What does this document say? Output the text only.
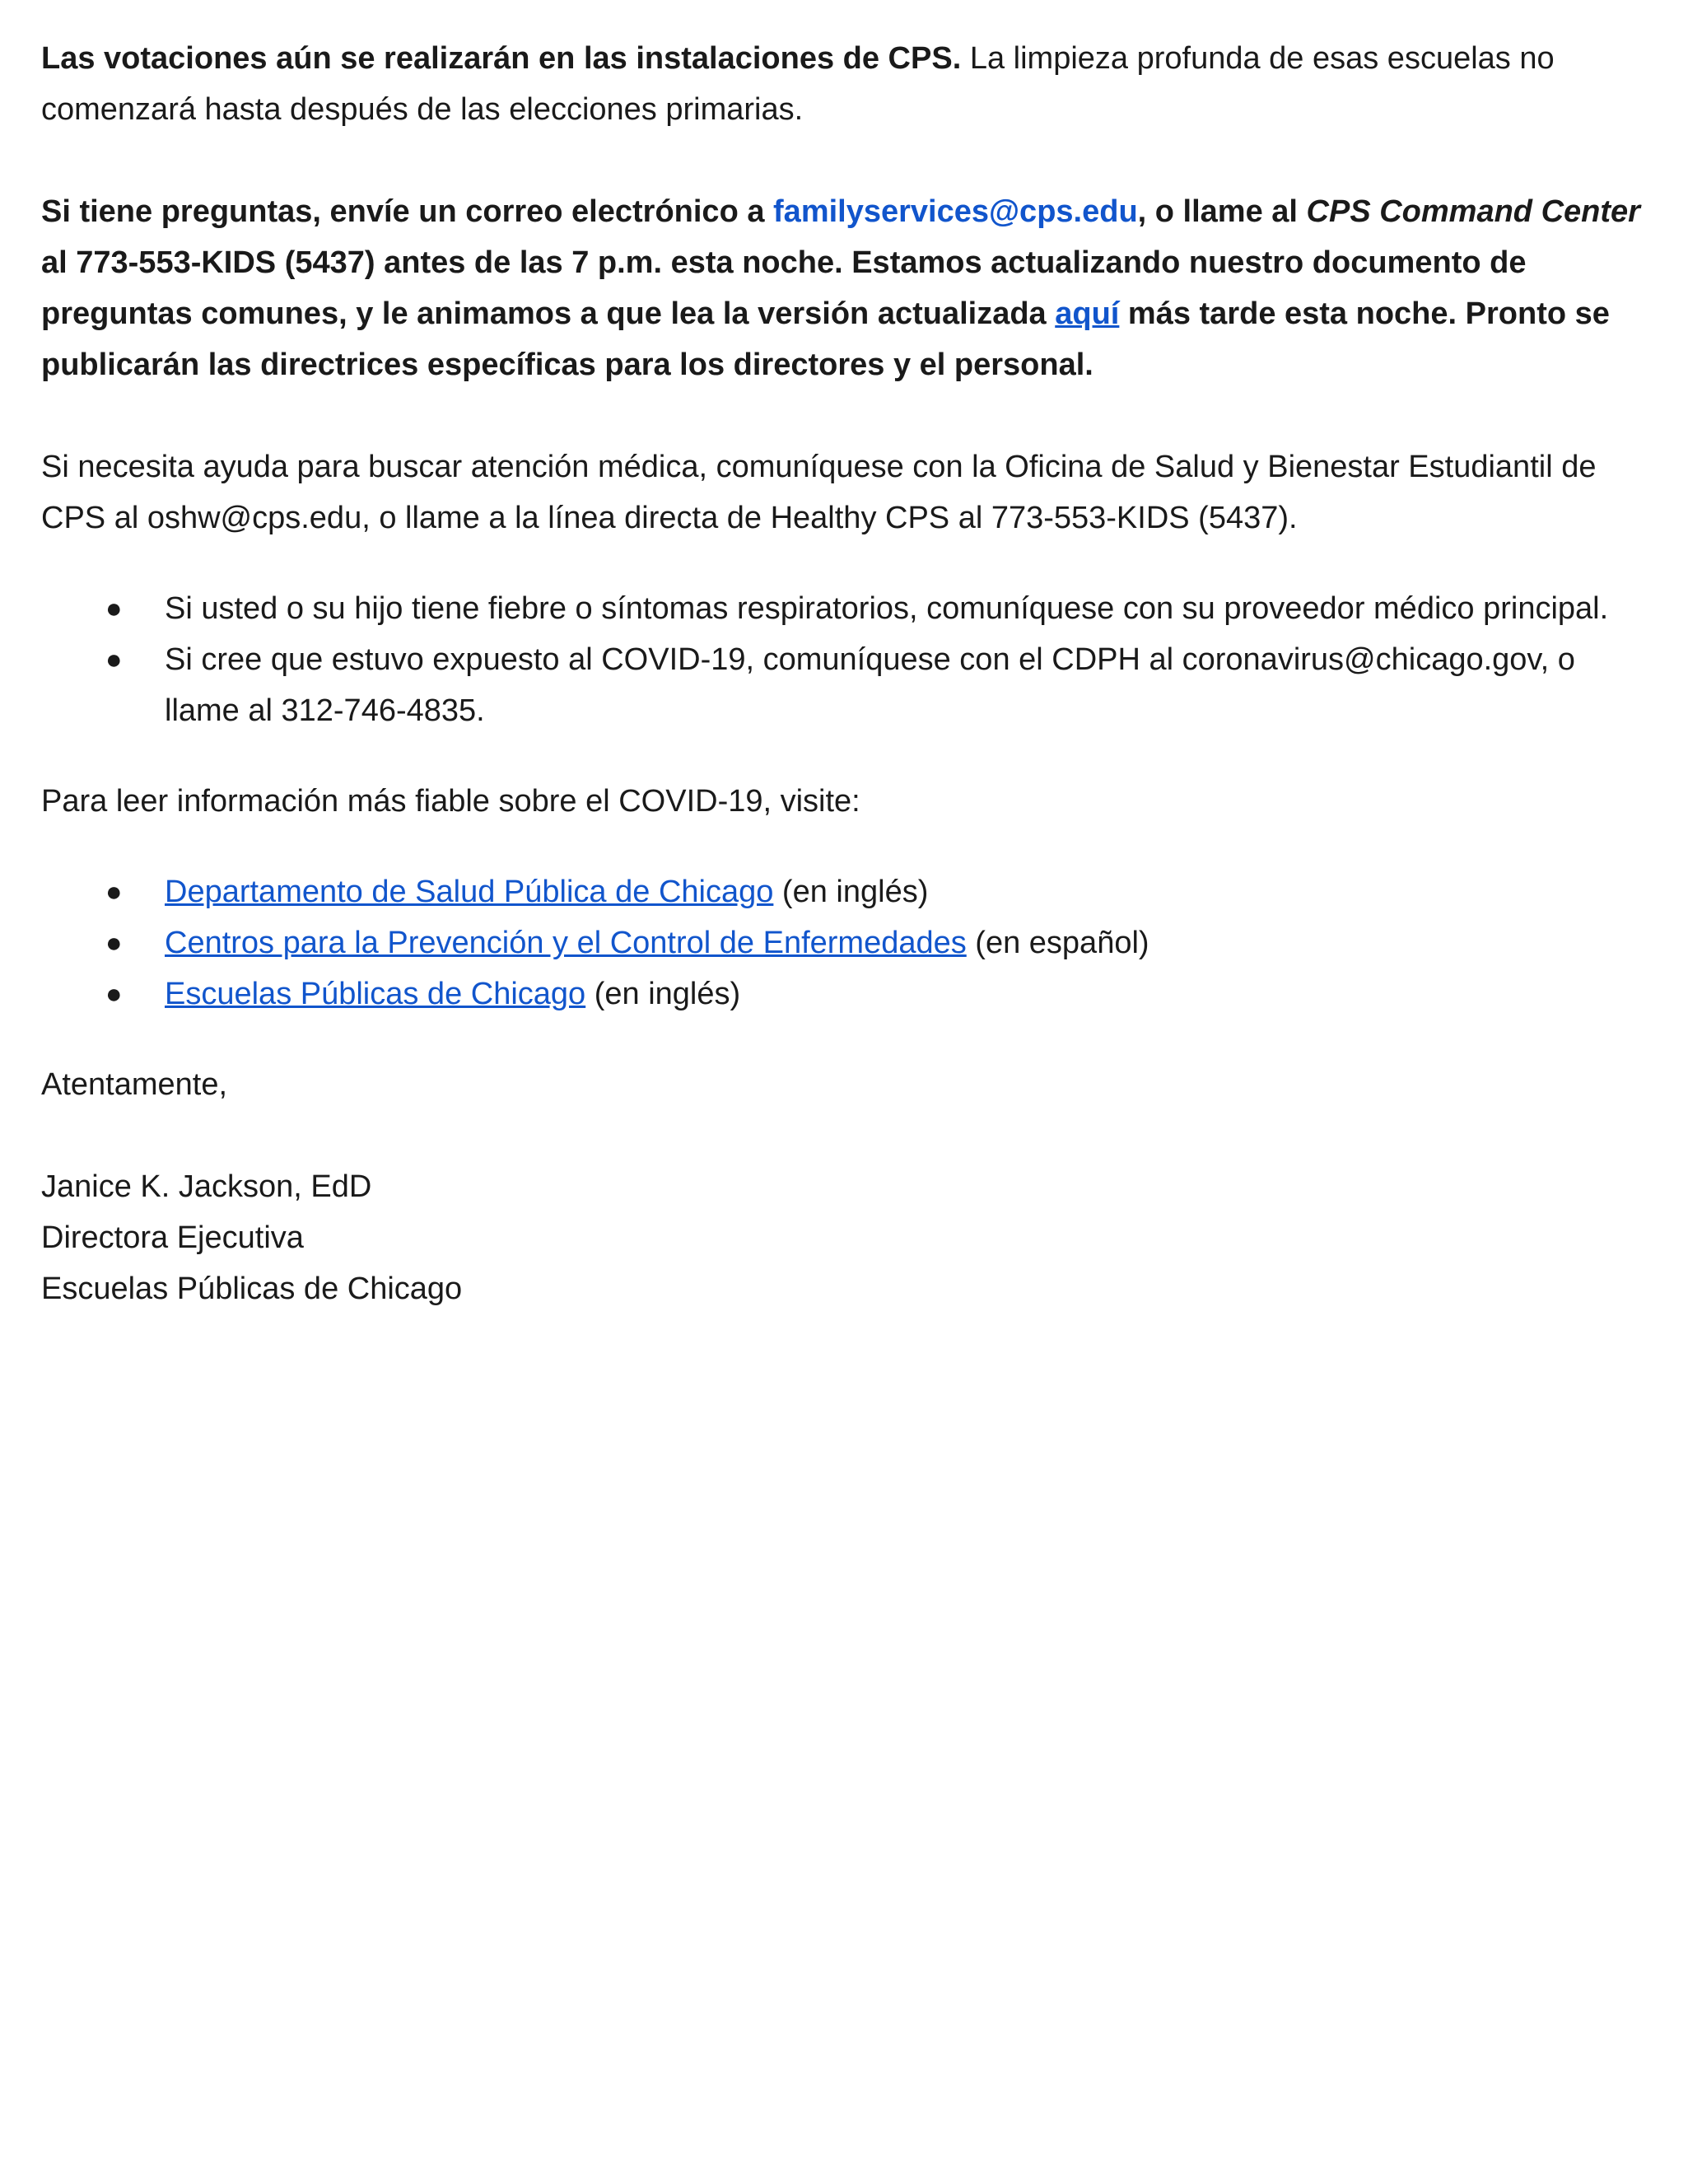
Las votaciones aún se realizarán en las instalaciones de CPS. La limpieza profunda de esas escuelas no comenzará hasta después de las elecciones primarias.

Si tiene preguntas, envíe un correo electrónico a familyservices@cps.edu, o llame al CPS Command Center al 773-553-KIDS (5437) antes de las 7 p.m. esta noche. Estamos actualizando nuestro documento de preguntas comunes, y le animamos a que lea la versión actualizada aquí más tarde esta noche. Pronto se publicarán las directrices específicas para los directores y el personal.

Si necesita ayuda para buscar atención médica, comuníquese con la Oficina de Salud y Bienestar Estudiantil de CPS al oshw@cps.edu, o llame a la línea directa de Healthy CPS al 773-553-KIDS (5437).

● Si usted o su hijo tiene fiebre o síntomas respiratorios, comuníquese con su proveedor médico principal.
● Si cree que estuvo expuesto al COVID-19, comuníquese con el CDPH al coronavirus@chicago.gov, o llame al 312-746-4835.

Para leer información más fiable sobre el COVID-19, visite:

● Departamento de Salud Pública de Chicago (en inglés)
● Centros para la Prevención y el Control de Enfermedades (en español)
● Escuelas Públicas de Chicago (en inglés)

Atentamente,

Janice K. Jackson, EdD
Directora Ejecutiva
Escuelas Públicas de Chicago
